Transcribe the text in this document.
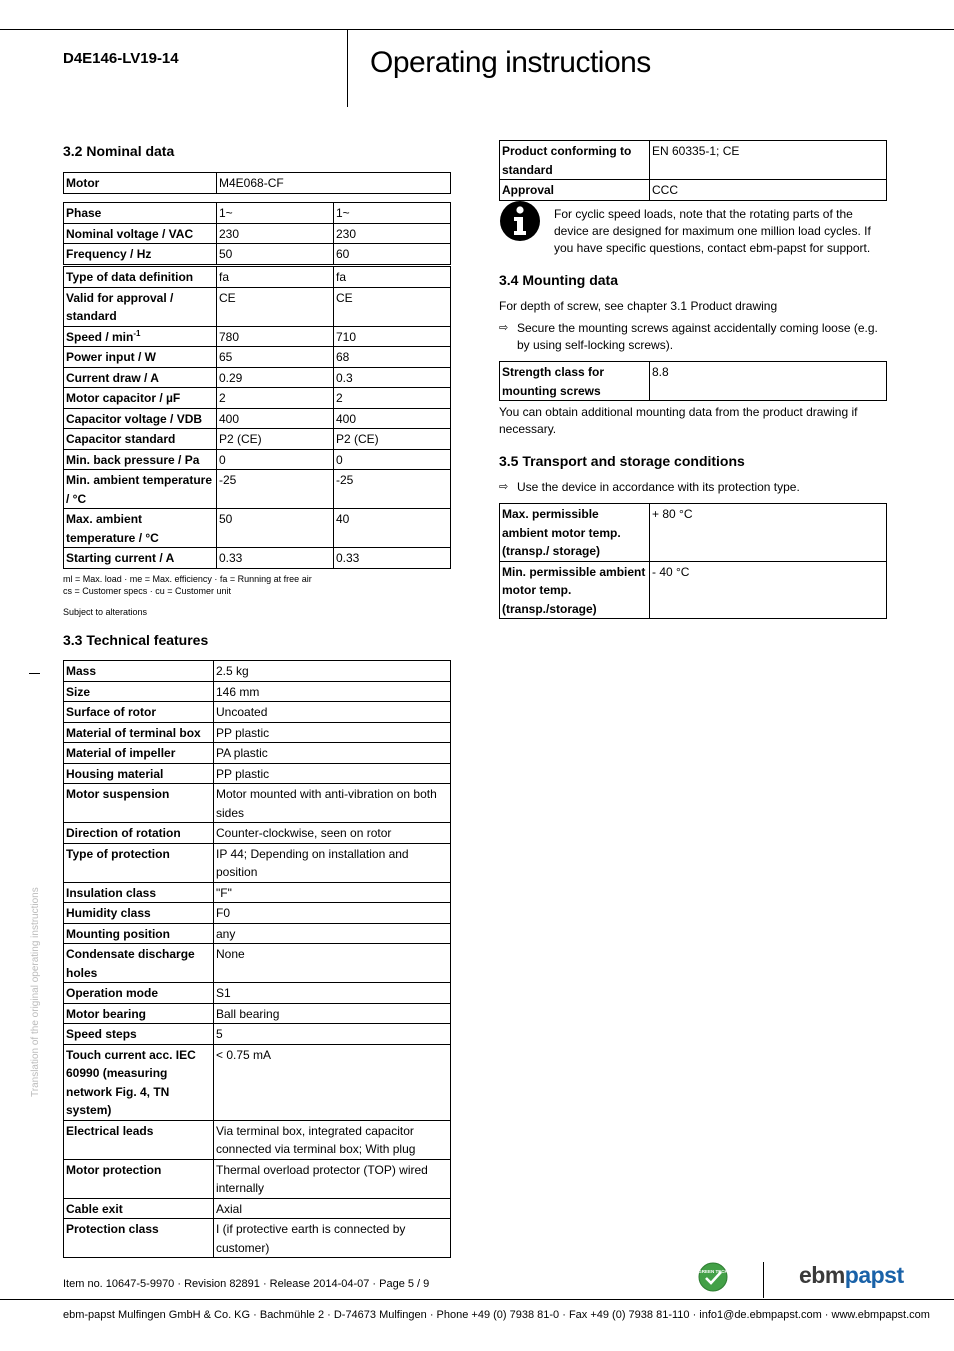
D4E146-LV19-14	Operating instructions
3.2 Nominal data
Motor	M4E068-CF
Phase	1~	1~
Nominal voltage / VAC	230	230
Frequency / Hz	50	60
Type of data definition	fa	fa
Valid for approval / standard	CE	CE
Speed / $\min^{-1}$	780	710
Power input / W	65	68
Current draw / A	0.29	0.3
Motor capacitor / µF	2	2
Capacitor voltage / VDB	400	400
Capacitor standard	P2 (CE)	P2 (CE)
Min. back pressure / Pa	0	0
Min. ambient temperature / °C	-25	-25
Max. ambient temperature / °C	50	40
Starting current / A	0.33	0.33
ml = Max. load · me = Max. efficiency · fa = Running at free air
cs = Customer specs · cu = Customer unit
Subject to alterations
3.3 Technical features
Mass	2.5 kg
Size	146 mm
Surface of rotor	Uncoated
Material of terminal box	PP plastic
Material of impeller	PA plastic
Housing material	PP plastic
Motor suspension	Motor mounted with anti-vibration on both sides
Direction of rotation	Counter-clockwise, seen on rotor
Type of protection	IP 44; Depending on installation and position
Insulation class	"F"
Humidity class	F0
Mounting position	any
Condensate discharge holes	None
Operation mode	S1
Motor bearing	Ball bearing
Speed steps	5
Touch current acc. IEC 60990 (measuring network Fig. 4, TN system)	< 0.75 mA
Electrical leads	Via terminal box, integrated capacitor connected via terminal box; With plug
Motor protection	Thermal overload protector (TOP) wired internally
Cable exit	Axial
Protection class	I (if protective earth is connected by customer)
Product conforming to standard	EN 60335-1; CE
Approval	CCC
For cyclic speed loads, note that the rotating parts of the device are designed for maximum one million load cycles. If you have specific questions, contact ebm-papst for support.
3.4 Mounting data
For depth of screw, see chapter 3.1 Product drawing
⇨ Secure the mounting screws against accidentally coming loose (e.g. by using self-locking screws).
Strength class for mounting screws	8.8
You can obtain additional mounting data from the product drawing if necessary.
3.5 Transport and storage conditions
⇨ Use the device in accordance with its protection type.
Max. permissible ambient motor temp. (transp./ storage)	+ 80 °C
Min. permissible ambient motor temp. (transp./storage)	- 40 °C
Translation of the original operating instructions
Item no. 10647-5-9970 · Revision 82891 · Release 2014-04-07 · Page 5 / 9
GREEN TECH	ebmpapst
ebm-papst Mulfingen GmbH & Co. KG · Bachmühle 2 · D-74673 Mulfingen · Phone +49 (0) 7938 81-0 · Fax +49 (0) 7938 81-110 · info1@de.ebmpapst.com · www.ebmpapst.com
